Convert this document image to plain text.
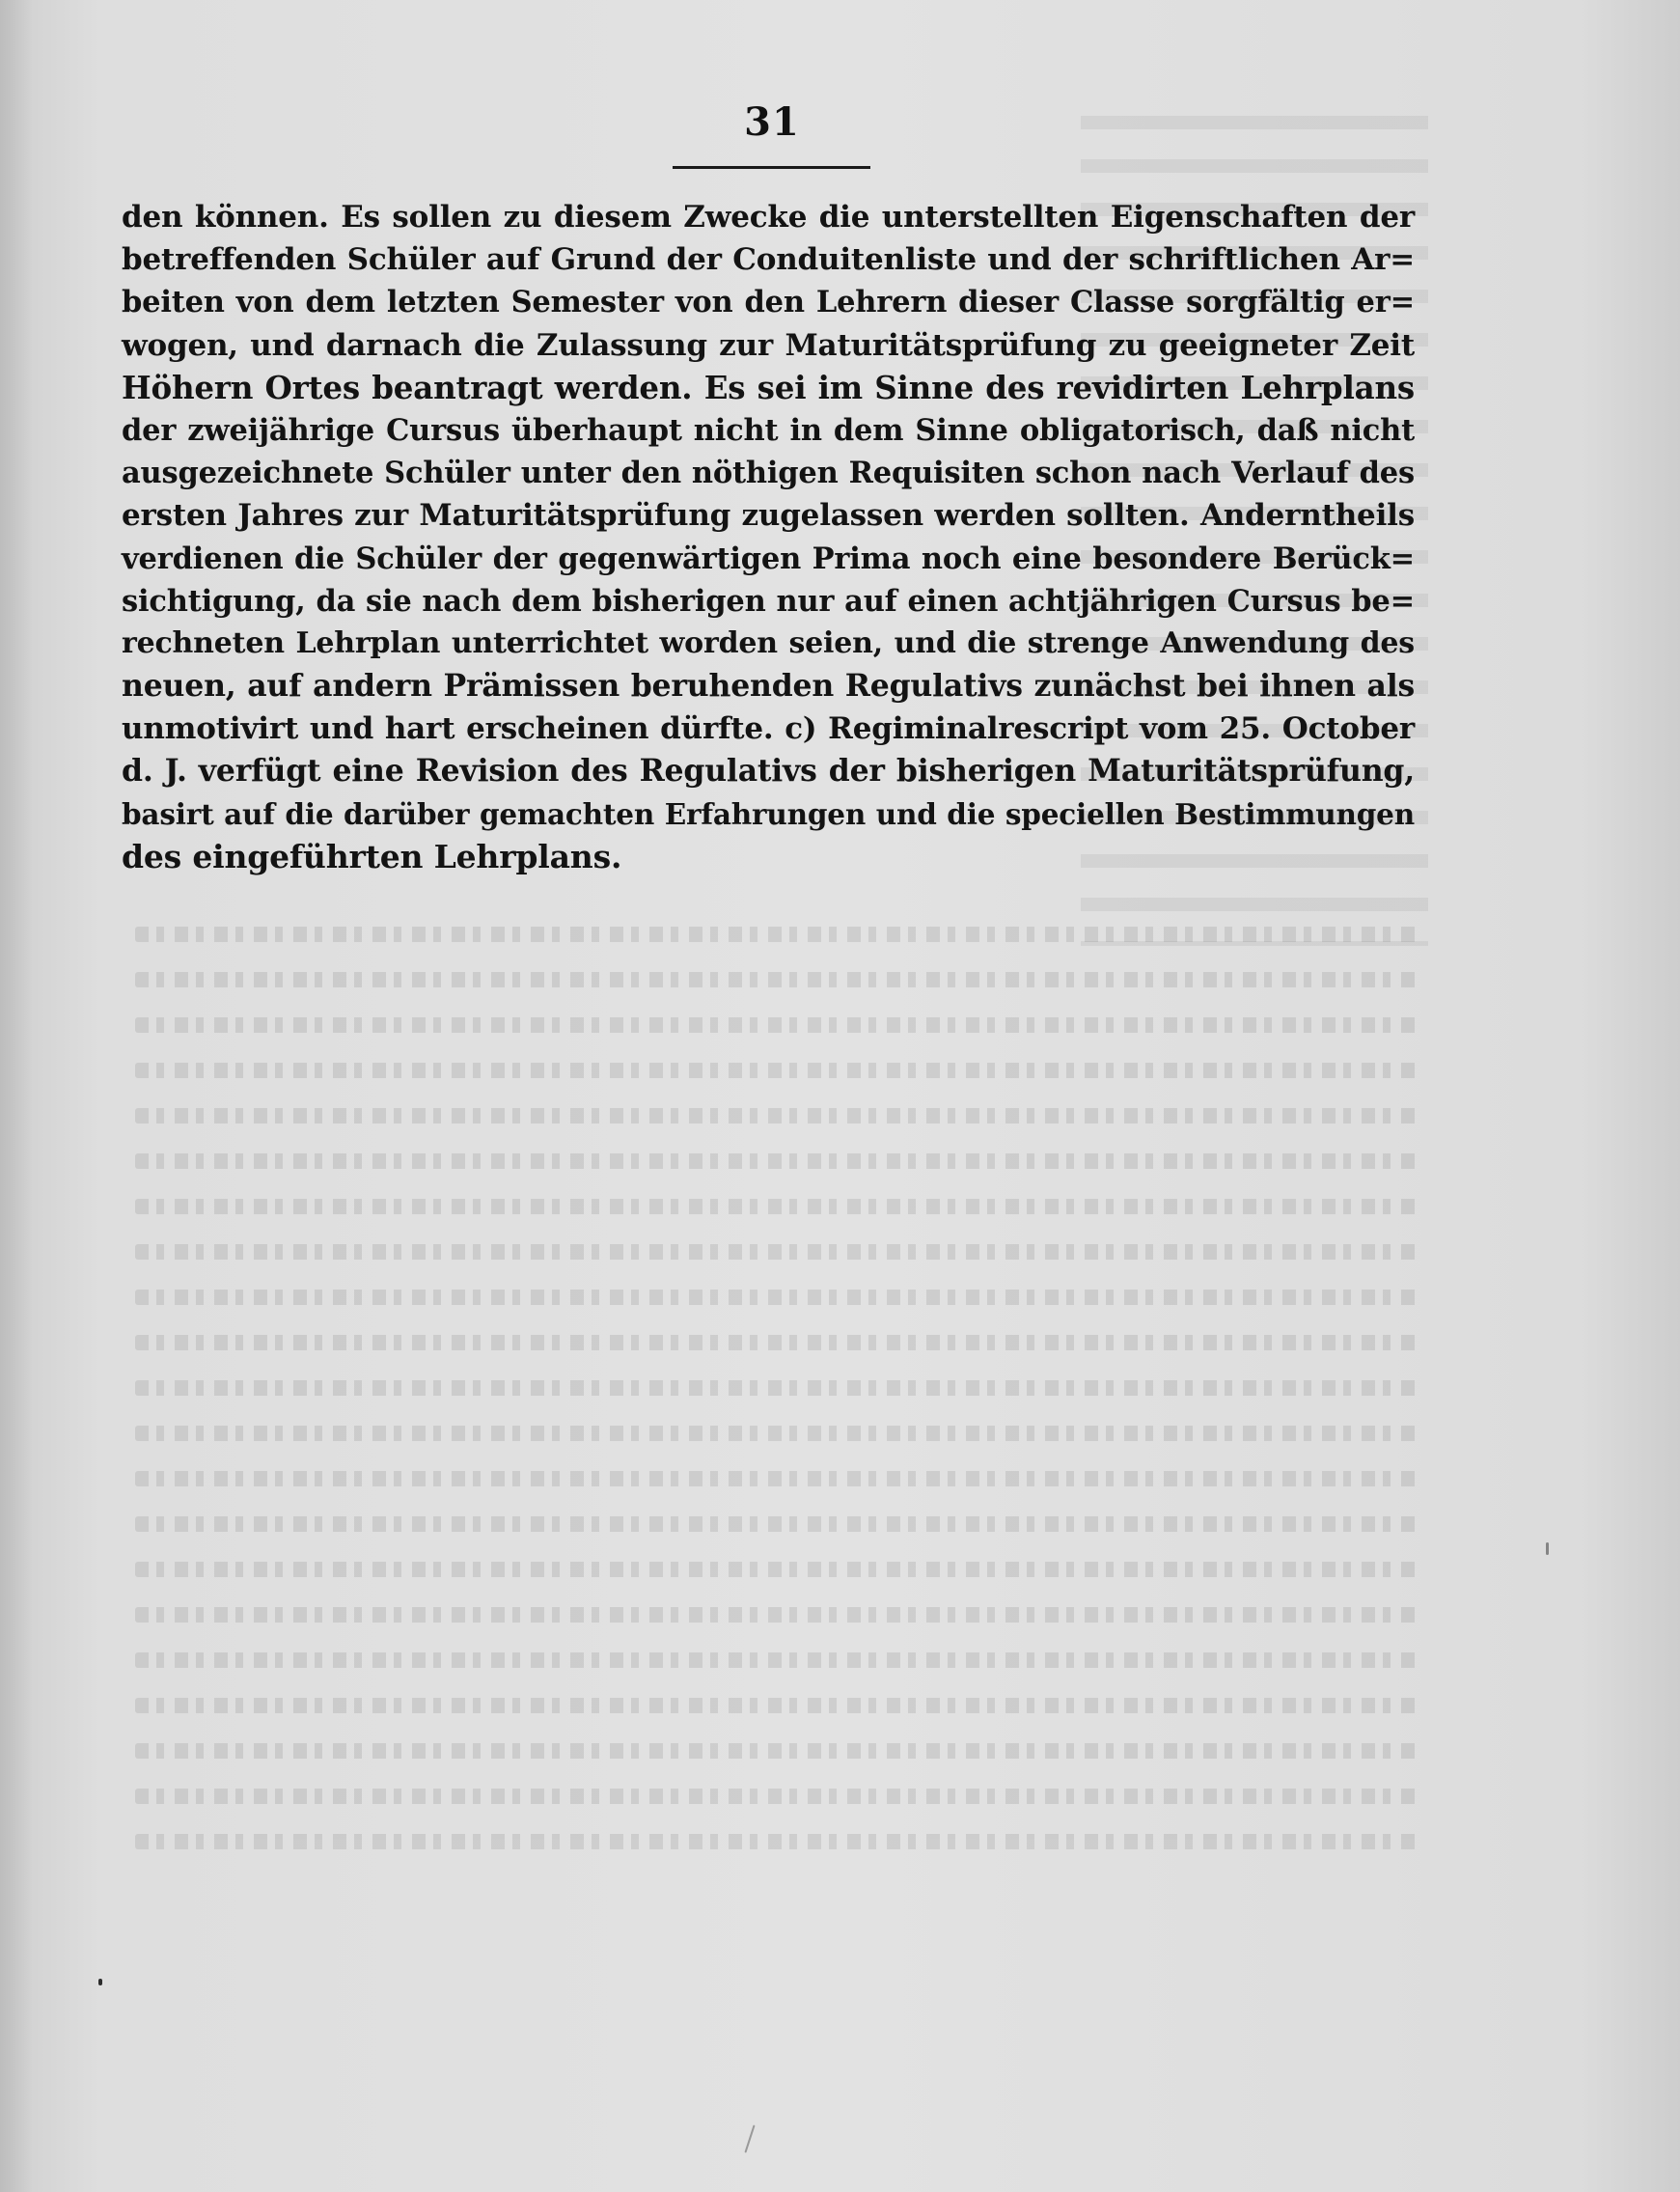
31
den können. Es sollen zu diesem Zwecke die unterstellten Eigenschaften der
betreffenden Schüler auf Grund der Conduitenliste und der schriftlichen Ar=
beiten von dem letzten Semester von den Lehrern dieser Classe sorgfältig er=
wogen, und darnach die Zulassung zur Maturitätsprüfung zu geeigneter Zeit
Höhern Ortes beantragt werden. Es sei im Sinne des revidirten Lehrplans
der zweijährige Cursus überhaupt nicht in dem Sinne obligatorisch, daß nicht
ausgezeichnete Schüler unter den nöthigen Requisiten schon nach Verlauf des
ersten Jahres zur Maturitätsprüfung zugelassen werden sollten. Anderntheils
verdienen die Schüler der gegenwärtigen Prima noch eine besondere Berück=
sichtigung, da sie nach dem bisherigen nur auf einen achtjährigen Cursus be=
rechneten Lehrplan unterrichtet worden seien, und die strenge Anwendung des
neuen, auf andern Prämissen beruhenden Regulativs zunächst bei ihnen als
unmotivirt und hart erscheinen dürfte. c) Regiminalrescript vom 25. October
d. J. verfügt eine Revision des Regulativs der bisherigen Maturitätsprüfung,
basirt auf die darüber gemachten Erfahrungen und die speciellen Bestimmungen
des eingeführten Lehrplans.
